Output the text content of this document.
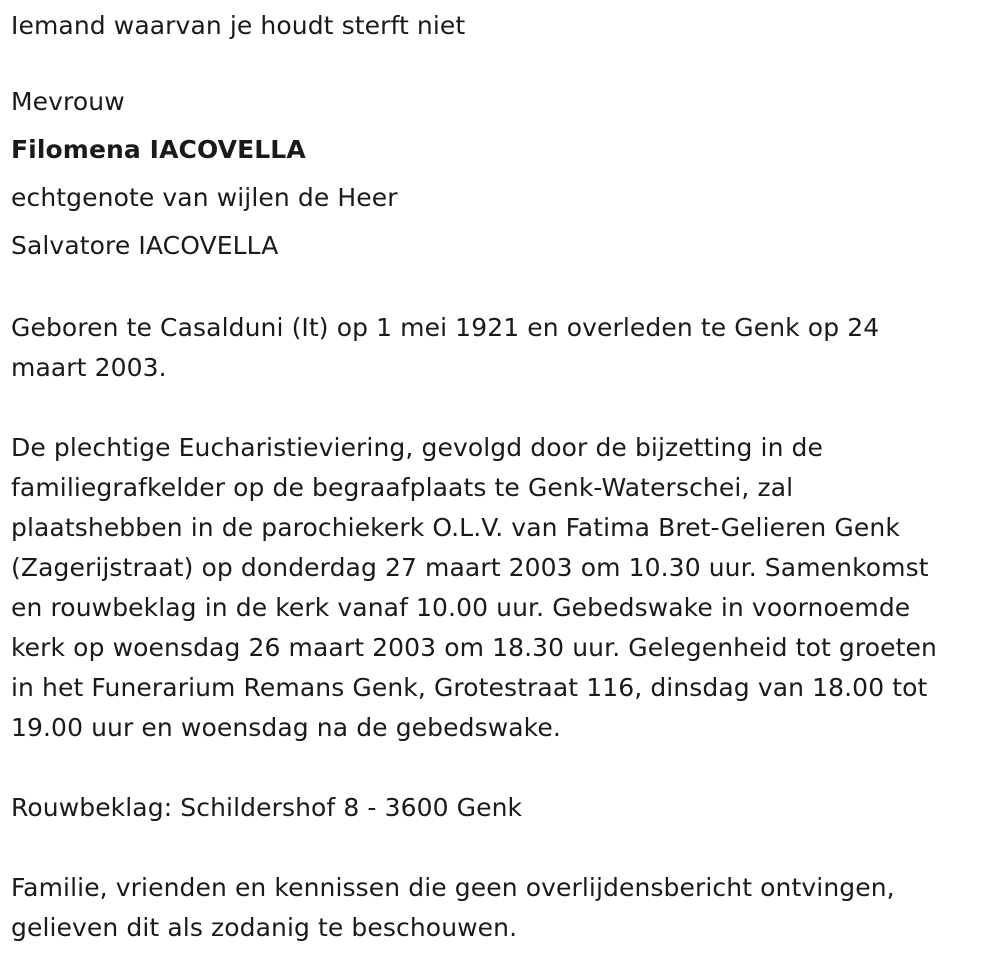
Iemand waarvan je houdt sterft niet
Mevrouw
Filomena IACOVELLA
echtgenote van wijlen de Heer
Salvatore IACOVELLA
Geboren te Casalduni (It) op 1 mei 1921 en overleden te Genk op 24
maart 2003.
De plechtige Eucharistieviering, gevolgd door de bijzetting in de
familiegrafkelder op de begraafplaats te Genk-Waterschei, zal
plaatshebben in de parochiekerk O.L.V. van Fatima Bret-Gelieren Genk
(Zagerijstraat) op donderdag 27 maart 2003 om 10.30 uur. Samenkomst
en rouwbeklag in de kerk vanaf 10.00 uur. Gebedswake in voornoemde
kerk op woensdag 26 maart 2003 om 18.30 uur. Gelegenheid tot groeten
in het Funerarium Remans Genk, Grotestraat 116, dinsdag van 18.00 tot
19.00 uur en woensdag na de gebedswake.
Rouwbeklag: Schildershof 8 - 3600 Genk
Familie, vrienden en kennissen die geen overlijdensbericht ontvingen,
gelieven dit als zodanig te beschouwen.
